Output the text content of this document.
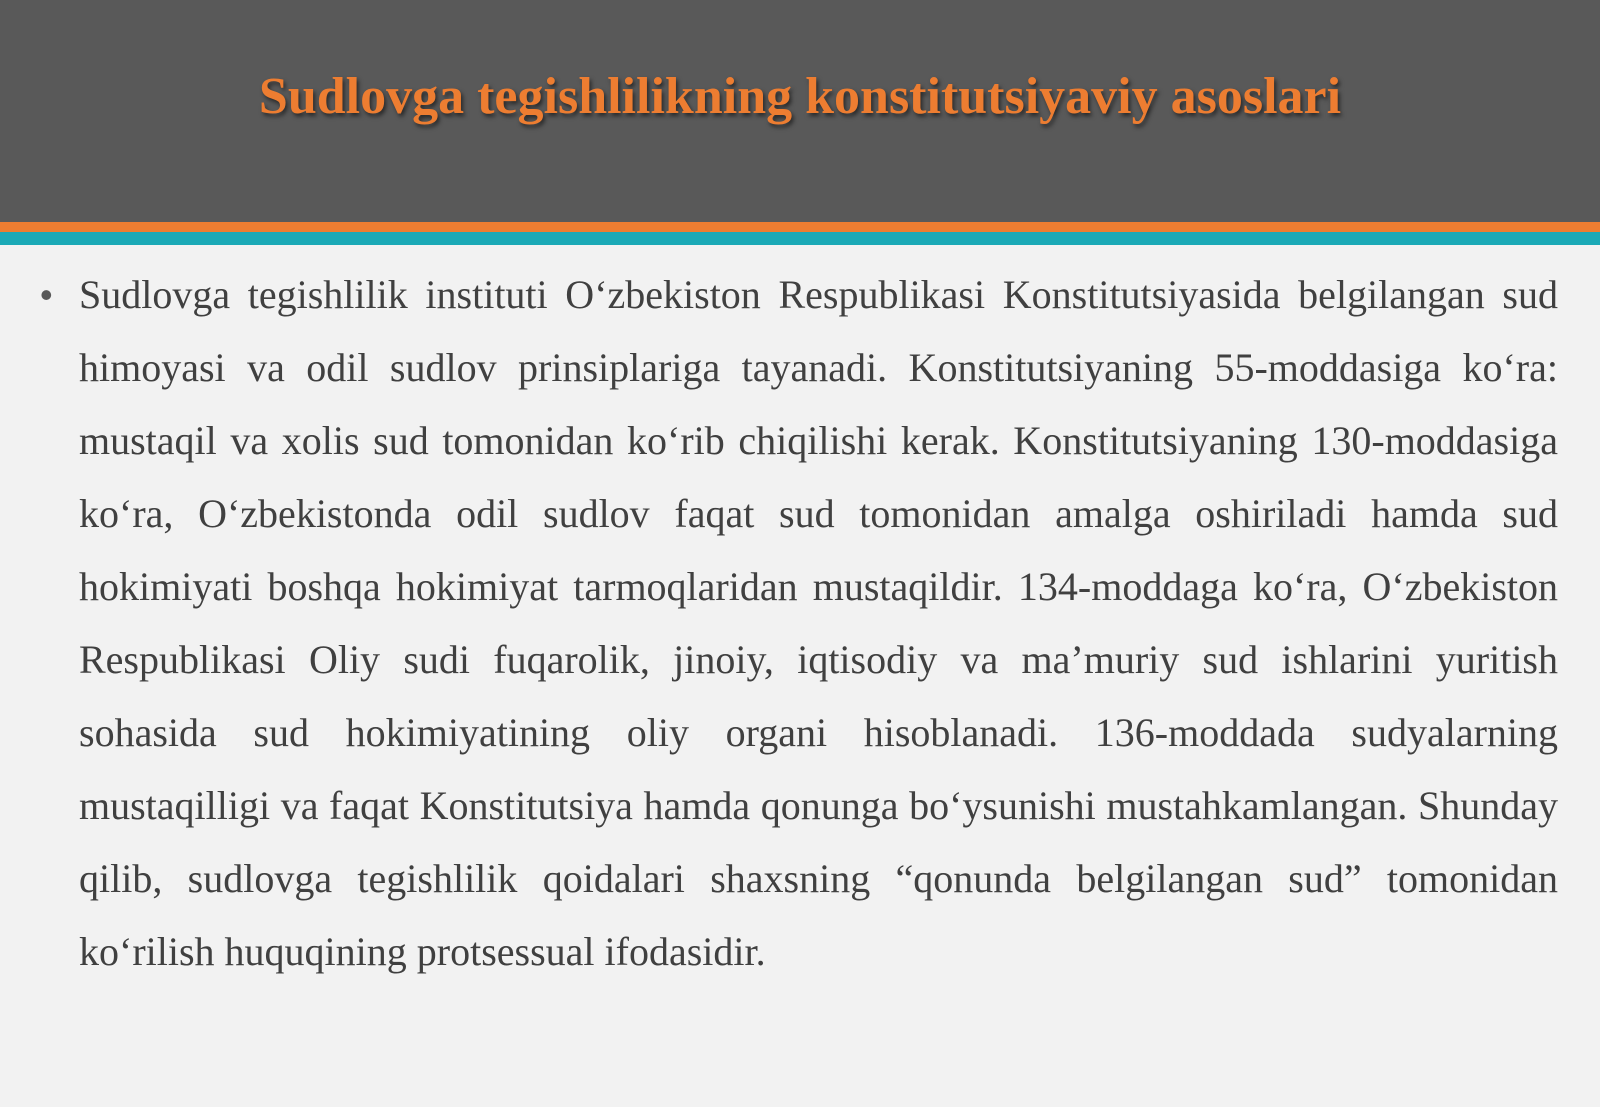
Sudlovga tegishlilikning konstitutsiyaviy asoslari
• Sudlovga tegishlilik instituti O‘zbekiston Respublikasi Konstitutsiyasida belgilangan sud himoyasi va odil sudlov prinsiplariga tayanadi. Konstitutsiyaning 55-moddasiga ko‘ra: mustaqil va xolis sud tomonidan ko‘rib chiqilishi kerak. Konstitutsiyaning 130-moddasiga ko‘ra, O‘zbekistonda odil sudlov faqat sud tomonidan amalga oshiriladi hamda sud hokimiyati boshqa hokimiyat tarmoqlaridan mustaqildir. 134-moddaga ko‘ra, O‘zbekiston Respublikasi Oliy sudi fuqarolik, jinoiy, iqtisodiy va ma’muriy sud ishlarini yuritish sohasida sud hokimiyatining oliy organi hisoblanadi. 136-moddada sudyalarning mustaqilligi va faqat Konstitutsiya hamda qonunga bo‘ysunishi mustahkamlangan. Shunday qilib, sudlovga tegishlilik qoidalari shaxsning “qonunda belgilangan sud” tomonidan ko‘rilish huquqining protsessual ifodasidir.
